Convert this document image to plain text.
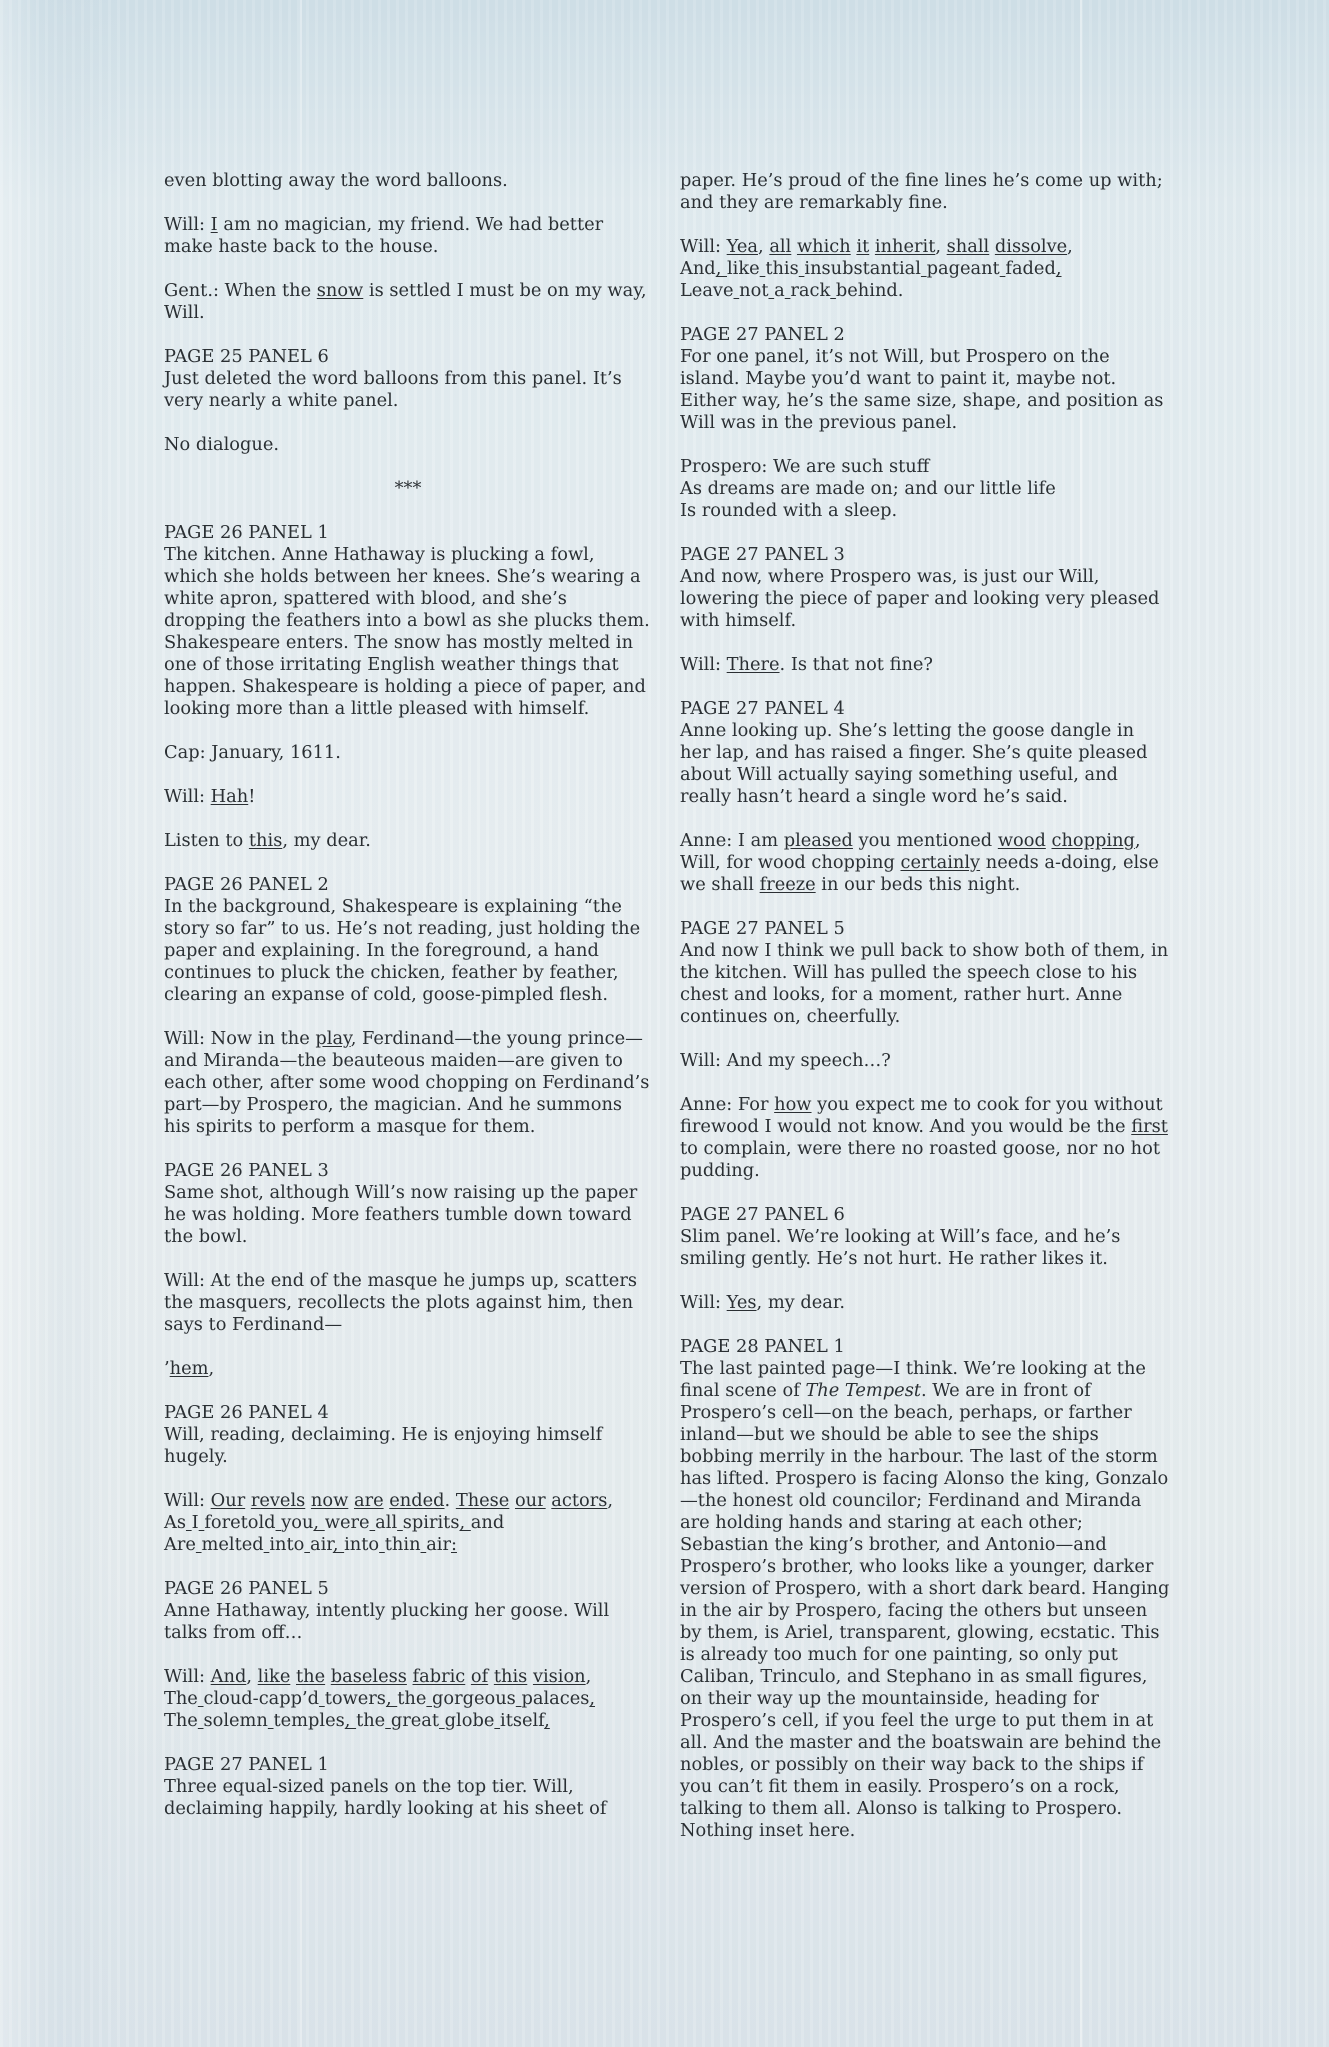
even blotting away the word balloons.

Will: I am no magician, my friend. We had better make haste back to the house.

Gent.: When the snow is settled I must be on my way, Will.

PAGE 25 PANEL 6
Just deleted the word balloons from this panel. It’s very nearly a white panel.

No dialogue.

***

PAGE 26 PANEL 1
The kitchen. Anne Hathaway is plucking a fowl, which she holds between her knees. She’s wearing a white apron, spattered with blood, and she’s dropping the feathers into a bowl as she plucks them. Shakespeare enters. The snow has mostly melted in one of those irritating English weather things that happen. Shakespeare is holding a piece of paper, and looking more than a little pleased with himself.

Cap: January, 1611.

Will: Hah!

Listen to this, my dear.

PAGE 26 PANEL 2
In the background, Shakespeare is explaining “the story so far” to us. He’s not reading, just holding the paper and explaining. In the foreground, a hand continues to pluck the chicken, feather by feather, clearing an expanse of cold, goose-pimpled flesh.

Will: Now in the play, Ferdinand—the young prince—and Miranda—the beauteous maiden—are given to each other, after some wood chopping on Ferdinand’s part—by Prospero, the magician. And he summons his spirits to perform a masque for them.

PAGE 26 PANEL 3
Same shot, although Will’s now raising up the paper he was holding. More feathers tumble down toward the bowl.

Will: At the end of the masque he jumps up, scatters the masquers, recollects the plots against him, then says to Ferdinand—

’hem,

PAGE 26 PANEL 4
Will, reading, declaiming. He is enjoying himself hugely.

Will: Our revels now are ended. These our actors,
As I foretold you, were all spirits, and
Are melted into air, into thin air:

PAGE 26 PANEL 5
Anne Hathaway, intently plucking her goose. Will talks from off…

Will: And, like the baseless fabric of this vision,
The cloud-capp’d towers, the gorgeous palaces,
The solemn temples, the great globe itself,

PAGE 27 PANEL 1
Three equal-sized panels on the top tier. Will, declaiming happily, hardly looking at his sheet of

paper. He’s proud of the fine lines he’s come up with; and they are remarkably fine.

Will: Yea, all which it inherit, shall dissolve,
And, like this insubstantial pageant faded,
Leave not a rack behind.

PAGE 27 PANEL 2
For one panel, it’s not Will, but Prospero on the island. Maybe you’d want to paint it, maybe not. Either way, he’s the same size, shape, and position as Will was in the previous panel.

Prospero: We are such stuff
As dreams are made on; and our little life
Is rounded with a sleep.

PAGE 27 PANEL 3
And now, where Prospero was, is just our Will, lowering the piece of paper and looking very pleased with himself.

Will: There. Is that not fine?

PAGE 27 PANEL 4
Anne looking up. She’s letting the goose dangle in her lap, and has raised a finger. She’s quite pleased about Will actually saying something useful, and really hasn’t heard a single word he’s said.

Anne: I am pleased you mentioned wood chopping, Will, for wood chopping certainly needs a-doing, else we shall freeze in our beds this night.

PAGE 27 PANEL 5
And now I think we pull back to show both of them, in the kitchen. Will has pulled the speech close to his chest and looks, for a moment, rather hurt. Anne continues on, cheerfully.

Will: And my speech…?

Anne: For how you expect me to cook for you without firewood I would not know. And you would be the first to complain, were there no roasted goose, nor no hot pudding.

PAGE 27 PANEL 6
Slim panel. We’re looking at Will’s face, and he’s smiling gently. He’s not hurt. He rather likes it.

Will: Yes, my dear.

PAGE 28 PANEL 1
The last painted page—I think. We’re looking at the final scene of The Tempest. We are in front of Prospero’s cell—on the beach, perhaps, or farther inland—but we should be able to see the ships bobbing merrily in the harbour. The last of the storm has lifted. Prospero is facing Alonso the king, Gonzalo—the honest old councilor; Ferdinand and Miranda are holding hands and staring at each other; Sebastian the king’s brother, and Antonio—and Prospero’s brother, who looks like a younger, darker version of Prospero, with a short dark beard. Hanging in the air by Prospero, facing the others but unseen by them, is Ariel, transparent, glowing, ecstatic. This is already too much for one painting, so only put Caliban, Trinculo, and Stephano in as small figures, on their way up the mountainside, heading for Prospero’s cell, if you feel the urge to put them in at all. And the master and the boatswain are behind the nobles, or possibly on their way back to the ships if you can’t fit them in easily. Prospero’s on a rock, talking to them all. Alonso is talking to Prospero. Nothing inset here.
